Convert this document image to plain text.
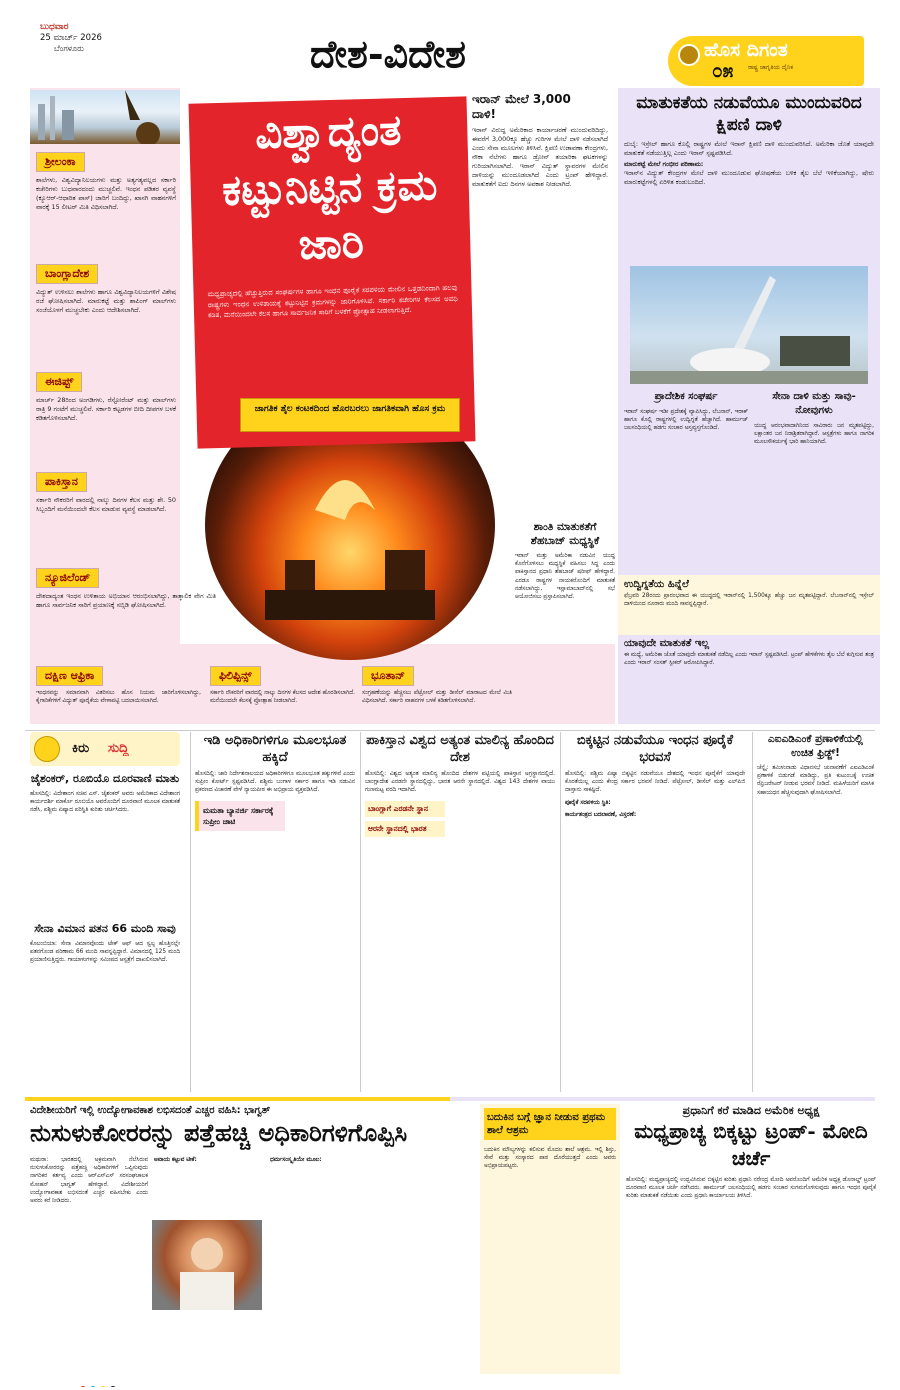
ಬುಧವಾರ
25 ಮಾರ್ಚ್ 2026
ಬೆಂಗಳೂರು	ದೇಶ-ವಿದೇಶ	ಹೊಸ ದಿಗಂತ
ರಾಷ್ಟ್ರ ಜಾಗೃತಿಯ ದೈನಿಕ
೦೫
ಶ್ರೀಲಂಕಾ
ಶಾಲೆಗಳು, ವಿಶ್ವವಿದ್ಯಾನಿಲಯಗಳು ಮತ್ತು ಅತ್ಯಗತ್ಯವಲ್ಲದ ಸರ್ಕಾರಿ ಕಚೇರಿಗಳು ಬುಧವಾರದಂದು ಮುಚ್ಚಲಿವೆ. ಇಂಧನ ಪಡಿತರ ವ್ಯವಸ್ಥೆ (ಕ್ಯೂಆರ್-ಆಧಾರಿತ ಪಾಸ್) ಜಾರಿಗೆ ಬಂದಿದ್ದು, ಖಾಸಗಿ ವಾಹನಗಳಿಗೆ ವಾರಕ್ಕೆ 15 ಲೀಟರ್ ಮಿತಿ ವಿಧಿಸಲಾಗಿದೆ.
ಬಾಂಗ್ಲಾದೇಶ
ವಿದ್ಯುತ್ ಉಳಿಸಲು ಶಾಲೆಗಳು ಹಾಗೂ ವಿಶ್ವವಿದ್ಯಾನಿಲಯಗಳಿಗೆ ವಿಶೇಷ ರಜೆ ಘೋಷಿಸಲಾಗಿದೆ. ಮಾರುಕಟ್ಟೆ ಮತ್ತು ಶಾಪಿಂಗ್ ಮಾಲ್‌ಗಳು ಸಂಜೆಯೊಳಗೆ ಮುಚ್ಚಬೇಕು ಎಂದು ಆದೇಶಿಸಲಾಗಿದೆ.
ಈಜಿಪ್ಟ್
ಮಾರ್ಚ್ 28ರಿಂದ ಅಂಗಡಿಗಳು, ರೆಸ್ಟೋರೆಂಟ್ ಮತ್ತು ಮಾಲ್‌ಗಳು ರಾತ್ರಿ 9 ಗಂಟೆಗೆ ಮುಚ್ಚಲಿವೆ. ಸರ್ಕಾರಿ ಕಟ್ಟಡಗಳ ಬೀದಿ ದೀಪಗಳ ಬಳಕೆ ಕಡಿತಗೊಳಿಸಲಾಗಿದೆ.
ಪಾಕಿಸ್ತಾನ
ಸರ್ಕಾರಿ ನೌಕರರಿಗೆ ವಾರದಲ್ಲಿ ನಾಲ್ಕು ದಿನಗಳ ಕೆಲಸ ಮತ್ತು ಶೇ. 50 ಸಿಬ್ಬಂದಿಗೆ ಮನೆಯಿಂದಲೇ ಕೆಲಸ ಮಾಡುವ ವ್ಯವಸ್ಥೆ ಮಾಡಲಾಗಿದೆ.
ನ್ಯೂಜಿಲೆಂಡ್
ದೇಶದಾದ್ಯಂತ ಇಂಧನ ಉಳಿತಾಯ ಅಭಿಯಾನ ಆರಂಭಿಸಲಾಗಿದ್ದು, ತಾತ್ಕಾಲಿಕ ವೇಗ ಮಿತಿ ಹಾಗೂ ಸಾರ್ವಜನಿಕ ಸಾರಿಗೆ ಪ್ರಯಾಣಕ್ಕೆ ಸಬ್ಸಿಡಿ ಘೋಷಿಸಲಾಗಿದೆ.
ದಕ್ಷಿಣ ಆಫ್ರಿಕಾ
ಇಂಧನವನ್ನು ಸಮಾನವಾಗಿ ವಿತರಿಸಲು ಹೊಸ ನಿಯಮ ಜಾರಿಗೊಳಿಸಲಾಗಿದ್ದು, ಕೈಗಾರಿಕೆಗಳಿಗೆ ವಿದ್ಯುತ್ ಪೂರೈಕೆಯ ವೇಳಾಪಟ್ಟಿ ಬದಲಾಯಿಸಲಾಗಿದೆ.
ಫಿಲಿಪ್ಪಿನ್ಸ್
ಸರ್ಕಾರಿ ನೌಕರರಿಗೆ ವಾರದಲ್ಲಿ ನಾಲ್ಕು ದಿನಗಳ ಕೆಲಸದ ಆದೇಶ ಹೊರಡಿಸಲಾಗಿದೆ. ಮನೆಯಿಂದಲೇ ಕೆಲಸಕ್ಕೆ ಪ್ರೋತ್ಸಾಹ ನೀಡಲಾಗಿದೆ.
ಭೂತಾನ್
ಸಂಗ್ರಹಣೆಯನ್ನು ಹೆಚ್ಚಿಸಲು ಪೆಟ್ರೋಲ್ ಮತ್ತು ಡೀಸೆಲ್ ಮಾರಾಟದ ಮೇಲೆ ಮಿತಿ ವಿಧಿಸಲಾಗಿದೆ. ಸರ್ಕಾರಿ ವಾಹನಗಳ ಬಳಕೆ ಕಡಿತಗೊಳಿಸಲಾಗಿದೆ.
ವಿಶ್ವಾದ್ಯಂತ ಕಟ್ಟುನಿಟ್ಟಿನ ಕ್ರಮ ಜಾರಿ
ಮಧ್ಯಪ್ರಾಚ್ಯದಲ್ಲಿ ಹೆಚ್ಚುತ್ತಿರುವ ಸಂಘರ್ಷಗಳ ಹಾಗೂ ಇಂಧನ ಪೂರೈಕೆ ಸರಪಳಿಯ ಮೇಲಿನ ಒತ್ತಡದಿಂದಾಗಿ ಹಲವು ರಾಷ್ಟ್ರಗಳು ಇಂಧನ ಉಳಿತಾಯಕ್ಕೆ ಕಟ್ಟುನಿಟ್ಟಿನ ಕ್ರಮಗಳನ್ನು ಜಾರಿಗೊಳಿಸಿವೆ. ಸರ್ಕಾರಿ ಕಚೇರಿಗಳ ಕೆಲಸದ ಅವಧಿ ಕಡಿತ, ಮನೆಯಿಂದಲೇ ಕೆಲಸ ಹಾಗೂ ಸಾರ್ವಜನಿಕ ಸಾರಿಗೆ ಬಳಕೆಗೆ ಪ್ರೋತ್ಸಾಹ ನೀಡಲಾಗುತ್ತಿದೆ.
ಜಾಗತಿಕ ತೈಲ ಕಂಟಕದಿಂದ ಹೊರಬರಲು ಜಾಗತಿಕವಾಗಿ ಹೊಸ ಕ್ರಮ
ಇರಾನ್ ಮೇಲೆ 3,000 ದಾಳಿ!
ಇರಾನ್ ವಿರುದ್ಧ ಅಮೆರಿಕಾದ ಕಾರ್ಯಾಚರಣೆ ಮುಂದುವರಿದಿದ್ದು, ಈವರೆಗೆ 3,000ಕ್ಕೂ ಹೆಚ್ಚು ಗುರಿಗಳ ಮೇಲೆ ದಾಳಿ ನಡೆಸಲಾಗಿದೆ ಎಂದು ಸೇನಾ ಮೂಲಗಳು ತಿಳಿಸಿವೆ. ಕ್ಷಿಪಣಿ ಉಡಾವಣಾ ಕೇಂದ್ರಗಳು, ನೌಕಾ ನೆಲೆಗಳು ಹಾಗೂ ಡ್ರೋನ್ ತಯಾರಿಕಾ ಘಟಕಗಳನ್ನು ಗುರಿಯಾಗಿಸಲಾಗಿದೆ. ಇರಾನ್ ವಿದ್ಯುತ್ ಸ್ಥಾವರಗಳ ಮೇಲಿನ ದಾಳಿಯನ್ನು ಮುಂದೂಡಲಾಗಿದೆ ಎಂದು ಟ್ರಂಪ್ ಹೇಳಿದ್ದಾರೆ. ಮಾತುಕತೆಗೆ ಐದು ದಿನಗಳ ಅವಕಾಶ ನೀಡಲಾಗಿದೆ.
ಶಾಂತಿ ಮಾತುಕತೆಗೆ ಶೆಹಬಾಜ್ ಮಧ್ಯಸ್ಥಿಕೆ
ಇರಾನ್ ಮತ್ತು ಅಮೆರಿಕಾ ನಡುವಿನ ಯುದ್ಧ ಕೊನೆಗೊಳಿಸಲು ಮಧ್ಯಸ್ಥಿಕೆ ವಹಿಸಲು ಸಿದ್ಧ ಎಂದು ಪಾಕಿಸ್ತಾನದ ಪ್ರಧಾನಿ ಶೆಹಬಾಜ್ ಷರೀಫ್ ಹೇಳಿದ್ದಾರೆ. ಎರಡೂ ರಾಷ್ಟ್ರಗಳ ನಾಯಕರೊಂದಿಗೆ ಮಾತುಕತೆ ನಡೆಸಲಾಗಿದ್ದು, ಇಸ್ಲಾಮಾಬಾದ್‌ನಲ್ಲಿ ಸಭೆ ಆಯೋಜಿಸಲು ಪ್ರಸ್ತಾಪಿಸಲಾಗಿದೆ.
ಮಾತುಕತೆಯ ನಡುವೆಯೂ ಮುಂದುವರಿದ ಕ್ಷಿಪಣಿ ದಾಳಿ
ದುಬೈ: ಇಸ್ರೇಲ್ ಹಾಗೂ ಕೊಲ್ಲಿ ರಾಷ್ಟ್ರಗಳ ಮೇಲೆ ಇರಾನ್ ಕ್ಷಿಪಣಿ ದಾಳಿ ಮುಂದುವರಿಸಿದೆ. ಅಮೆರಿಕಾ ಜೊತೆ ಯಾವುದೇ ಮಾತುಕತೆ ನಡೆಯುತ್ತಿಲ್ಲ ಎಂದು ಇರಾನ್ ಸ್ಪಷ್ಟಪಡಿಸಿದೆ.
ಮಾರುಕಟ್ಟೆ ಮೇಲೆ ಗಂಭೀರ ಪರಿಣಾಮ:
ಇರಾನ್‌ನ ವಿದ್ಯುತ್ ಕೇಂದ್ರಗಳ ಮೇಲೆ ದಾಳಿ ಮುಂದೂಡುವ ಘೋಷಣೆಯ ಬಳಿಕ ತೈಲ ಬೆಲೆ ಇಳಿಕೆಯಾಗಿದ್ದು, ಷೇರು ಮಾರುಕಟ್ಟೆಗಳಲ್ಲಿ ಏರಿಳಿತ ಕಂಡುಬಂದಿದೆ.
ಪ್ರಾದೇಶಿಕ ಸಂಘರ್ಷ
ಇರಾನ್ ಸಂಘರ್ಷ ಇಡೀ ಪ್ರದೇಶಕ್ಕೆ ವ್ಯಾಪಿಸಿದ್ದು, ಲೆಬನಾನ್, ಇರಾಕ್ ಹಾಗೂ ಕೊಲ್ಲಿ ರಾಷ್ಟ್ರಗಳಲ್ಲಿ ಉದ್ವಿಗ್ನತೆ ಹೆಚ್ಚಾಗಿದೆ. ಹಾರ್ಮುಜ್ ಜಲಸಂಧಿಯಲ್ಲಿ ಹಡಗು ಸಂಚಾರ ಅಸ್ತವ್ಯಸ್ತಗೊಂಡಿದೆ.
ಸೇನಾ ದಾಳಿ ಮತ್ತು ಸಾವು-ನೋವುಗಳು
ಯುದ್ಧ ಆರಂಭವಾದಾಗಿನಿಂದ ಸಾವಿರಾರು ಜನ ಮೃತಪಟ್ಟಿದ್ದು, ಲಕ್ಷಾಂತರ ಜನ ನಿರಾಶ್ರಿತರಾಗಿದ್ದಾರೆ. ಆಸ್ಪತ್ರೆಗಳು ಹಾಗೂ ನಾಗರಿಕ ಮೂಲಸೌಕರ್ಯಕ್ಕೆ ಭಾರಿ ಹಾನಿಯಾಗಿದೆ.
ಉದ್ವಿಗ್ನತೆಯ ಹಿನ್ನೆಲೆ
ಫೆಬ್ರವರಿ 28ರಂದು ಪ್ರಾರಂಭವಾದ ಈ ಯುದ್ಧದಲ್ಲಿ ಇರಾನ್‌ನಲ್ಲಿ 1,500ಕ್ಕೂ ಹೆಚ್ಚು ಜನ ಮೃತಪಟ್ಟಿದ್ದಾರೆ. ಲೆಬನಾನ್‌ನಲ್ಲಿ ಇಸ್ರೇಲ್ ದಾಳಿಯಿಂದ ನೂರಾರು ಮಂದಿ ಸಾವನ್ನಪ್ಪಿದ್ದಾರೆ.
ಯಾವುದೇ ಮಾತುಕತೆ ಇಲ್ಲ
ಈ ಮಧ್ಯೆ, ಅಮೆರಿಕಾ ಜೊತೆ ಯಾವುದೇ ಮಾತುಕತೆ ನಡೆದಿಲ್ಲ ಎಂದು ಇರಾನ್ ಸ್ಪಷ್ಟಪಡಿಸಿದೆ. ಟ್ರಂಪ್ ಹೇಳಿಕೆಗಳು ತೈಲ ಬೆಲೆ ಕುಗ್ಗಿಸುವ ತಂತ್ರ ಎಂದು ಇರಾನ್ ಸಂಸತ್ ಸ್ಪೀಕರ್ ಆರೋಪಿಸಿದ್ದಾರೆ.
ಕಿರು ಸುದ್ದಿ
ಜೈಶಂಕರ್, ರೂಬಿಯೊ ದೂರವಾಣಿ ಮಾತು
ಹೊಸದಿಲ್ಲಿ: ವಿದೇಶಾಂಗ ಸಚಿವ ಎಸ್. ಜೈಶಂಕರ್ ಅವರು ಅಮೆರಿಕಾದ ವಿದೇಶಾಂಗ ಕಾರ್ಯದರ್ಶಿ ಮಾರ್ಕೊ ರೂಬಿಯೊ ಅವರೊಂದಿಗೆ ದೂರವಾಣಿ ಮೂಲಕ ಮಾತುಕತೆ ನಡೆಸಿ, ಪಶ್ಚಿಮ ಏಷ್ಯಾದ ಪರಿಸ್ಥಿತಿ ಕುರಿತು ಚರ್ಚಿಸಿದರು.
ಸೇನಾ ವಿಮಾನ ಪತನ 66 ಮಂದಿ ಸಾವು
ಕೊಲಂಬಿಯಾ: ಸೇನಾ ವಿಮಾನವೊಂದು ಟೇಕ್ ಆಫ್ ಆದ ಸ್ವಲ್ಪ ಹೊತ್ತಿನಲ್ಲೇ ಪತನಗೊಂಡ ಪರಿಣಾಮ 66 ಮಂದಿ ಸಾವನ್ನಪ್ಪಿದ್ದಾರೆ. ವಿಮಾನದಲ್ಲಿ 125 ಮಂದಿ ಪ್ರಯಾಣಿಸುತ್ತಿದ್ದರು. ಗಾಯಾಳುಗಳನ್ನು ಸಮೀಪದ ಆಸ್ಪತ್ರೆಗೆ ದಾಖಲಿಸಲಾಗಿದೆ.
ಇಡಿ ಅಧಿಕಾರಿಗಳಿಗೂ ಮೂಲಭೂತ ಹಕ್ಕಿದೆ
ಹೊಸದಿಲ್ಲಿ: ಜಾರಿ ನಿರ್ದೇಶನಾಲಯದ ಅಧಿಕಾರಿಗಳಿಗೂ ಮೂಲಭೂತ ಹಕ್ಕುಗಳಿವೆ ಎಂದು ಸುಪ್ರೀಂ ಕೋರ್ಟ್ ಸ್ಪಷ್ಟಪಡಿಸಿದೆ. ಪಶ್ಚಿಮ ಬಂಗಾಳ ಸರ್ಕಾರ ಹಾಗೂ ಇಡಿ ನಡುವಿನ ಪ್ರಕರಣದ ವಿಚಾರಣೆ ವೇಳೆ ನ್ಯಾಯಪೀಠ ಈ ಅಭಿಪ್ರಾಯ ವ್ಯಕ್ತಪಡಿಸಿದೆ.
ಮಮತಾ ಬ್ಯಾನರ್ಜಿ ಸರ್ಕಾರಕ್ಕೆ ಸುಪ್ರೀಂ ಚಾಟಿ
ಪಾಕಿಸ್ತಾನ ವಿಶ್ವದ ಅತ್ಯಂತ ಮಾಲಿನ್ಯ ಹೊಂದಿದ ದೇಶ
ಹೊಸದಿಲ್ಲಿ: ವಿಶ್ವದ ಅತ್ಯಂತ ಮಾಲಿನ್ಯ ಹೊಂದಿದ ದೇಶಗಳ ಪಟ್ಟಿಯಲ್ಲಿ ಪಾಕಿಸ್ತಾನ ಅಗ್ರಸ್ಥಾನದಲ್ಲಿದೆ. ಬಾಂಗ್ಲಾದೇಶ ಎರಡನೇ ಸ್ಥಾನದಲ್ಲಿದ್ದು, ಭಾರತ ಆರನೇ ಸ್ಥಾನದಲ್ಲಿದೆ. ವಿಶ್ವದ 143 ದೇಶಗಳ ವಾಯು ಗುಣಮಟ್ಟ ವರದಿ ಇದಾಗಿದೆ.
ಬಾಂಗ್ಲಾಗೆ ಎರಡನೇ ಸ್ಥಾನ
ಆರನೇ ಸ್ಥಾನದಲ್ಲಿ ಭಾರತ
ಬಿಕ್ಕಟ್ಟಿನ ನಡುವೆಯೂ ಇಂಧನ ಪೂರೈಕೆ ಭರವಸೆ
ಹೊಸದಿಲ್ಲಿ: ಪಶ್ಚಿಮ ಏಷ್ಯಾ ಬಿಕ್ಕಟ್ಟಿನ ನಡುವೆಯೂ ದೇಶದಲ್ಲಿ ಇಂಧನ ಪೂರೈಕೆಗೆ ಯಾವುದೇ ಕೊರತೆಯಿಲ್ಲ ಎಂದು ಕೇಂದ್ರ ಸರ್ಕಾರ ಭರವಸೆ ನೀಡಿದೆ. ಪೆಟ್ರೋಲ್, ಡೀಸೆಲ್ ಮತ್ತು ಎಲ್‌ಪಿಜಿ ದಾಸ್ತಾನು ಸಾಕಷ್ಟಿದೆ.
ಪೂರೈಕೆ ಸರಪಳಿಯ ಸ್ಥಿತಿ:
ಕಾರ್ಯತಂತ್ರದ ಬದಲಾವಣೆ, ವಿಸ್ತರಣೆ:
ಎಐಎಡಿಎಂಕೆ ಪ್ರಣಾಳಿಕೆಯಲ್ಲಿ ಉಚಿತ ಫ್ರಿಡ್ಜ್!
ಚೆನ್ನೈ: ತಮಿಳುನಾಡು ವಿಧಾನಸಭೆ ಚುನಾವಣೆಗೆ ಎಐಎಡಿಎಂಕೆ ಪ್ರಣಾಳಿಕೆ ಬಿಡುಗಡೆ ಮಾಡಿದ್ದು, ಪ್ರತಿ ಕುಟುಂಬಕ್ಕೆ ಉಚಿತ ರೆಫ್ರಿಜರೇಟರ್ ನೀಡುವ ಭರವಸೆ ನೀಡಿದೆ. ಮಹಿಳೆಯರಿಗೆ ಮಾಸಿಕ ಸಹಾಯಧನ ಹೆಚ್ಚಿಸುವುದಾಗಿ ಘೋಷಿಸಲಾಗಿದೆ.
ವಿದೇಶೀಯರಿಗೆ ಇಲ್ಲಿ ಉದ್ಯೋಗಾವಕಾಶ ಲಭಿಸದಂತೆ ಎಚ್ಚರ ವಹಿಸಿ: ಭಾಗ್ವತ್
ನುಸುಳುಕೋರರನ್ನು ಪತ್ತೆಹಚ್ಚಿ ಅಧಿಕಾರಿಗಳಿಗೊಪ್ಪಿಸಿ
ಮಥುರಾ: ಭಾರತದಲ್ಲಿ ಅಕ್ರಮವಾಗಿ ನೆಲೆಸಿರುವ ನುಸುಳುಕೋರರನ್ನು ಪತ್ತೆಹಚ್ಚಿ ಅಧಿಕಾರಿಗಳಿಗೆ ಒಪ್ಪಿಸುವುದು ನಾಗರಿಕರ ಕರ್ತವ್ಯ ಎಂದು ಆರ್‌ಎಸ್‌ಎಸ್ ಸರಸಂಘಚಾಲಕ ಮೋಹನ್ ಭಾಗ್ವತ್ ಹೇಳಿದ್ದಾರೆ. ವಿದೇಶೀಯರಿಗೆ ಉದ್ಯೋಗಾವಕಾಶ ಲಭಿಸದಂತೆ ಎಚ್ಚರ ವಹಿಸಬೇಕು ಎಂದು ಅವರು ಕರೆ ನೀಡಿದರು.
ಅವಾಯ ಕಟ್ಟುವ ಟೀಕೆ:	ಧರ್ಮಸಂಸ್ಕೃತಿಯೇ ಮೂಲ:
ಬದುಕಿನ ಬಗ್ಗೆ ಜ್ಞಾನ ನೀಡುವ ಪ್ರಥಮ ಶಾಲೆ ಆಶ್ರಮ
ಬದುಕಿನ ಮೌಲ್ಯಗಳನ್ನು ಕಲಿಸುವ ಮೊದಲ ಶಾಲೆ ಆಶ್ರಮ. ಇಲ್ಲಿ ಶಿಸ್ತು, ಸೇವೆ ಮತ್ತು ಸಂಸ್ಕಾರದ ಪಾಠ ದೊರೆಯುತ್ತದೆ ಎಂದು ಅವರು ಅಭಿಪ್ರಾಯಪಟ್ಟರು.
ಪ್ರಧಾನಿಗೆ ಕರೆ ಮಾಡಿದ ಅಮೆರಿಕ ಅಧ್ಯಕ್ಷ
ಮಧ್ಯಪ್ರಾಚ್ಯ ಬಿಕ್ಕಟ್ಟು ಟ್ರಂಪ್- ಮೋದಿ ಚರ್ಚೆ
ಹೊಸದಿಲ್ಲಿ: ಮಧ್ಯಪ್ರಾಚ್ಯದಲ್ಲಿ ಉದ್ಭವಿಸಿರುವ ಬಿಕ್ಕಟ್ಟಿನ ಕುರಿತು ಪ್ರಧಾನಿ ನರೇಂದ್ರ ಮೋದಿ ಅವರೊಂದಿಗೆ ಅಮೆರಿಕ ಅಧ್ಯಕ್ಷ ಡೊನಾಲ್ಡ್ ಟ್ರಂಪ್ ದೂರವಾಣಿ ಮೂಲಕ ಚರ್ಚೆ ನಡೆಸಿದರು. ಹಾರ್ಮುಜ್ ಜಲಸಂಧಿಯಲ್ಲಿ ಹಡಗು ಸಂಚಾರ ಸುಗಮಗೊಳಿಸುವುದು ಹಾಗೂ ಇಂಧನ ಪೂರೈಕೆ ಕುರಿತು ಮಾತುಕತೆ ನಡೆಯಿತು ಎಂದು ಪ್ರಧಾನಿ ಕಾರ್ಯಾಲಯ ತಿಳಿಸಿದೆ.
